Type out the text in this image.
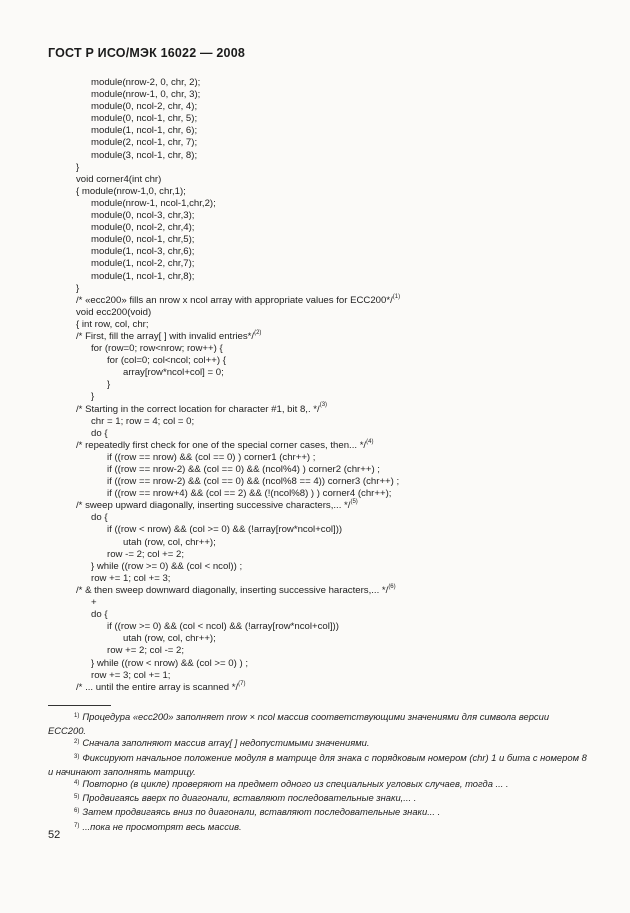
ГОСТ Р ИСО/МЭК 16022 — 2008
module(nrow-2, 0, chr, 2);
module(nrow-1, 0, chr, 3);
module(0, ncol-2, chr, 4);
module(0, ncol-1, chr, 5);
module(1, ncol-1, chr, 6);
module(2, ncol-1, chr, 7);
module(3, ncol-1, chr, 8);
}
void corner4(int chr)
{ module(nrow-1,0, chr,1);
module(nrow-1, ncol-1,chr,2);
module(0, ncol-3, chr,3);
module(0, ncol-2, chr,4);
module(0, ncol-1, chr,5);
module(1, ncol-3, chr,6);
module(1, ncol-2, chr,7);
module(1, ncol-1, chr,8);
}
/* «ecc200» fills an nrow x ncol array with appropriate values for ECC200*/$^{(1)}$
void ecc200(void)
{ int row, col, chr;
/* First, fill the array[ ] with invalid entries*/$^{(2)}$
for (row=0; row<nrow; row++) {
for (col=0; col<ncol; col++) {
array[row*ncol+col] = 0;
}
}
/* Starting in the correct location for character #1, bit 8,. */$^{(3)}$
chr = 1; row = 4; col = 0;
do {
/* repeatedly first check for one of the special corner cases, then... */$^{(4)}$
if ((row == nrow) && (col == 0) ) corner1 (chr++) ;
if ((row == nrow-2) && (col == 0) && (ncol%4) ) corner2 (chr++) ;
if ((row == nrow-2) && (col == 0) && (ncol%8 == 4)) corner3 (chr++) ;
if ((row == nrow+4) && (col == 2) && (!(ncol%8) ) ) corner4 (chr++);
/* sweep upward diagonally, inserting successive characters,... */$^{(5)}$
do {
if ((row < nrow) && (col >= 0) && (!array[row*ncol+col]))
utah (row, col, chr++);
row -= 2; col += 2;
} while ((row >= 0) && (col < ncol)) ;
row += 1; col += 3;
/* & then sweep downward diagonally, inserting successive haracters,... */$^{(6)}$
+
do {
if ((row >= 0) && (col < ncol) && (!array[row*ncol+col]))
utah (row, col, chr++);
row += 2; col -= 2;
} while ((row < nrow) && (col >= 0) ) ;
row += 3; col += 1;
/* ... until the entire array is scanned */$^{(7)}$
$^{1)}$ Процедура «ecc200» заполняет nrow × ncol массив соответствующими значениями для символа версии ECC200.
$^{2)}$ Сначала заполняют массив array[ ] недопустимыми значениями.
$^{3)}$ Фиксируют начальное положение модуля в матрице для знака с порядковым номером (chr) 1 и бита с номером 8 и начинают заполнять матрицу.
$^{4)}$ Повторно (в цикле) проверяют на предмет одного из специальных угловых случаев, тогда ... .
$^{5)}$ Продвигаясь вверх по диагонали, вставляют последовательные знаки,... .
$^{6)}$ Затем продвигаясь вниз по диагонали, вставляют последовательные знаки... .
$^{7)}$ ...пока не просмотрят весь массив.
52
